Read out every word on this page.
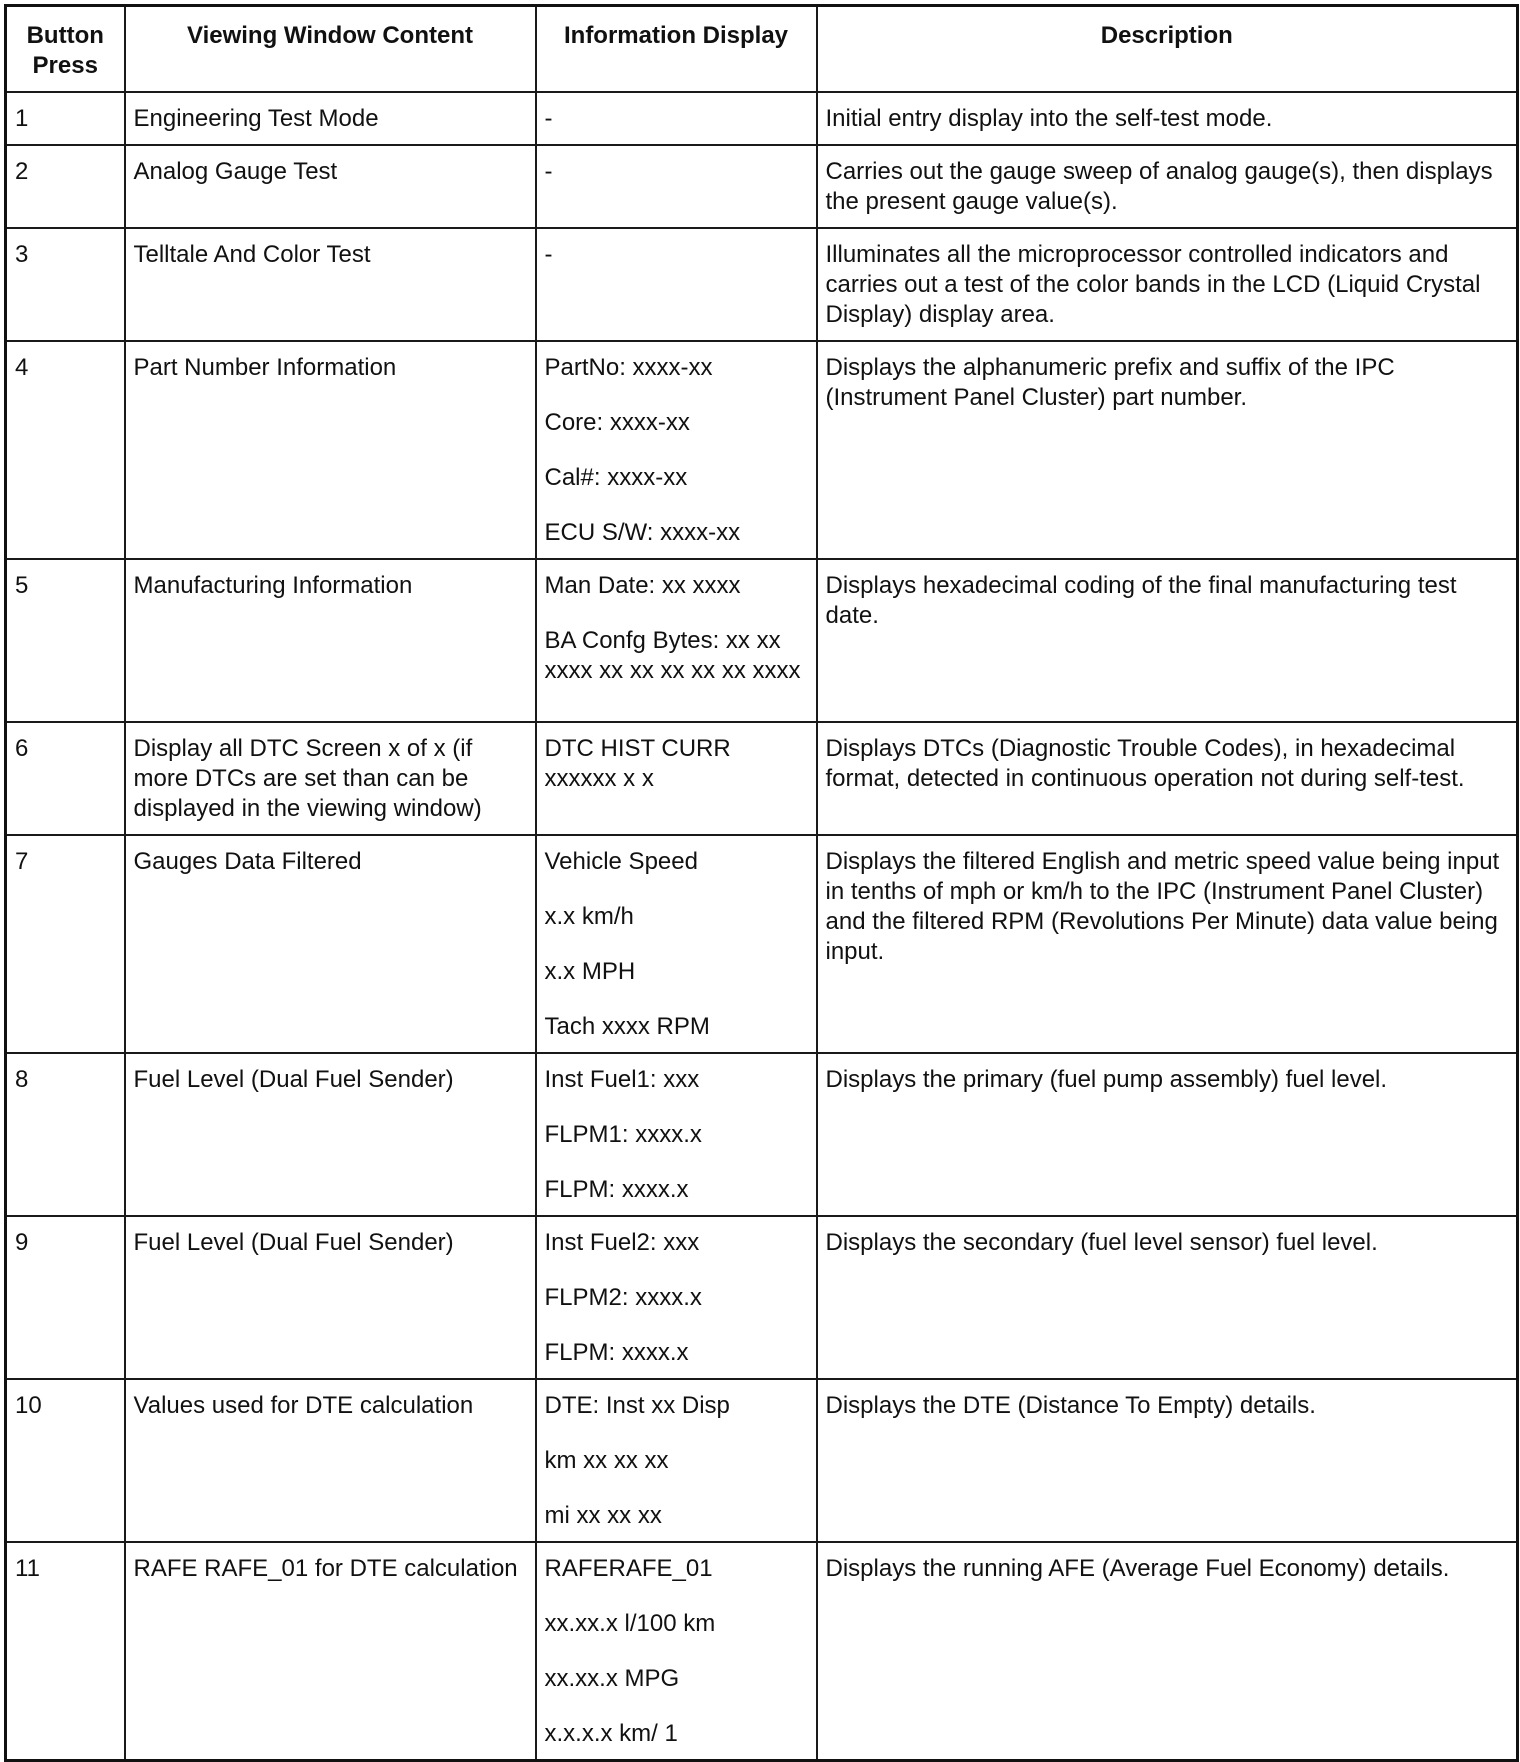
Button Press	Viewing Window Content	Information Display	Description
1	Engineering Test Mode	-	Initial entry display into the self-test mode.
2	Analog Gauge Test	-	Carries out the gauge sweep of analog gauge(s), then displays the present gauge value(s).
3	Telltale And Color Test	-	Illuminates all the microprocessor controlled indicators and carries out a test of the color bands in the LCD (Liquid Crystal Display) display area.
4	Part Number Information	PartNo: xxxx-xx
Core: xxxx-xx
Cal#: xxxx-xx
ECU S/W: xxxx-xx	Displays the alphanumeric prefix and suffix of the IPC (Instrument Panel Cluster) part number.
5	Manufacturing Information	Man Date: xx xxxx
BA Confg Bytes: xx xx xxxx xx xx xx xx xx xxxx	Displays hexadecimal coding of the final manufacturing test date.
6	Display all DTC Screen x of x (if more DTCs are set than can be displayed in the viewing window)	DTC HIST CURR xxxxxx x x	Displays DTCs (Diagnostic Trouble Codes), in hexadecimal format, detected in continuous operation not during self-test.
7	Gauges Data Filtered	Vehicle Speed
x.x km/h
x.x MPH
Tach xxxx RPM	Displays the filtered English and metric speed value being input in tenths of mph or km/h to the IPC (Instrument Panel Cluster) and the filtered RPM (Revolutions Per Minute) data value being input.
8	Fuel Level (Dual Fuel Sender)	Inst Fuel1: xxx
FLPM1: xxxx.x
FLPM: xxxx.x	Displays the primary (fuel pump assembly) fuel level.
9	Fuel Level (Dual Fuel Sender)	Inst Fuel2: xxx
FLPM2: xxxx.x
FLPM: xxxx.x	Displays the secondary (fuel level sensor) fuel level.
10	Values used for DTE calculation	DTE: Inst xx Disp
km xx xx xx
mi xx xx xx	Displays the DTE (Distance To Empty) details.
11	RAFE RAFE_01 for DTE calculation	RAFERAFE_01
xx.xx.x l/100 km
xx.xx.x MPG
x.x.x.x km/ 1	Displays the running AFE (Average Fuel Economy) details.
